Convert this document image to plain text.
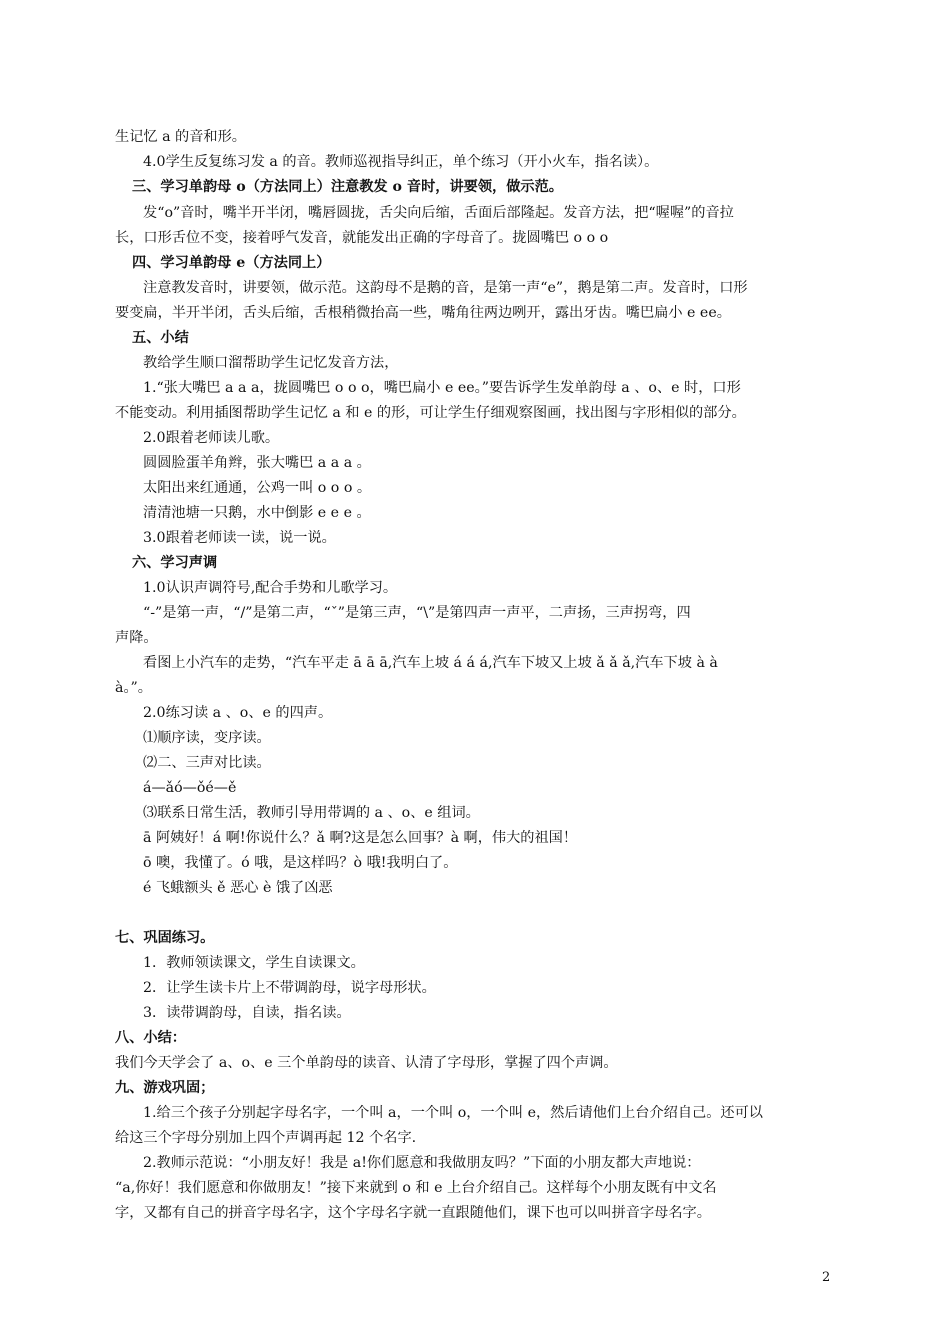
生记忆 a 的音和形。
4.0学生反复练习发 a 的音。教师巡视指导纠正，单个练习（开小火车，指名读）。
三、学习单韵母 o（方法同上）注意教发 o 音时，讲要领，做示范。
发“o”音时，嘴半开半闭，嘴唇圆拢，舌尖向后缩，舌面后部隆起。发音方法，把“喔喔”的音拉
长，口形舌位不变，接着呼气发音，就能发出正确的字母音了。拢圆嘴巴 o o o
四、学习单韵母 e（方法同上）
注意教发音时，讲要领，做示范。这韵母不是鹅的音，是第一声“e”，鹅是第二声。发音时，口形
要变扁，半开半闭，舌头后缩，舌根稍微抬高一些，嘴角往两边咧开，露出牙齿。嘴巴扁小 e ee。
五、小结
教给学生顺口溜帮助学生记忆发音方法，
1.“张大嘴巴 a a a，拢圆嘴巴 o o o，嘴巴扁小 e ee。”要告诉学生发单韵母 a 、o、e 时，口形
不能变动。利用插图帮助学生记忆 a 和 e 的形，可让学生仔细观察图画，找出图与字形相似的部分。
2.0跟着老师读儿歌。
圆圆脸蛋羊角辫，张大嘴巴 a a a 。
太阳出来红通通，公鸡一叫 o o o 。
清清池塘一只鹅，水中倒影 e e e 。
3.0跟着老师读一读，说一说。
六、学习声调
1.0认识声调符号,配合手势和儿歌学习。
“-”是第一声，“/”是第二声，“ˇ”是第三声，“\”是第四声一声平，二声扬，三声拐弯，四
声降。
看图上小汽车的走势，“汽车平走 ā ā ā,汽车上坡 á á á,汽车下坡又上坡 ǎ ǎ ǎ,汽车下坡 à à
à。”。
2.0练习读 a 、o、e 的四声。
⑴顺序读，变序读。
⑵二、三声对比读。
á—ǎó—ǒé—ě
⑶联系日常生活，教师引导用带调的 a 、o、e 组词。
ā 阿姨好！á 啊!你说什么？ǎ 啊?这是怎么回事？à 啊，伟大的祖国！
ō 噢，我懂了。ó 哦，是这样吗？ò 哦!我明白了。
é 飞蛾额头 ě 恶心 è 饿了凶恶
七、巩固练习。
1．教师领读课文，学生自读课文。
2．让学生读卡片上不带调韵母，说字母形状。
3．读带调韵母，自读，指名读。
八、小结：
我们今天学会了 a、o、e 三个单韵母的读音、认清了字母形，掌握了四个声调。
九、游戏巩固；
1.给三个孩子分别起字母名字，一个叫 a，一个叫 o，一个叫 e，然后请他们上台介绍自己。还可以
给这三个字母分别加上四个声调再起 12 个名字.
2.教师示范说：“小朋友好！我是 a!你们愿意和我做朋友吗？”下面的小朋友都大声地说：
“a,你好！我们愿意和你做朋友！”接下来就到 o 和 e 上台介绍自己。这样每个小朋友既有中文名
字，又都有自己的拼音字母名字，这个字母名字就一直跟随他们，课下也可以叫拼音字母名字。
2
